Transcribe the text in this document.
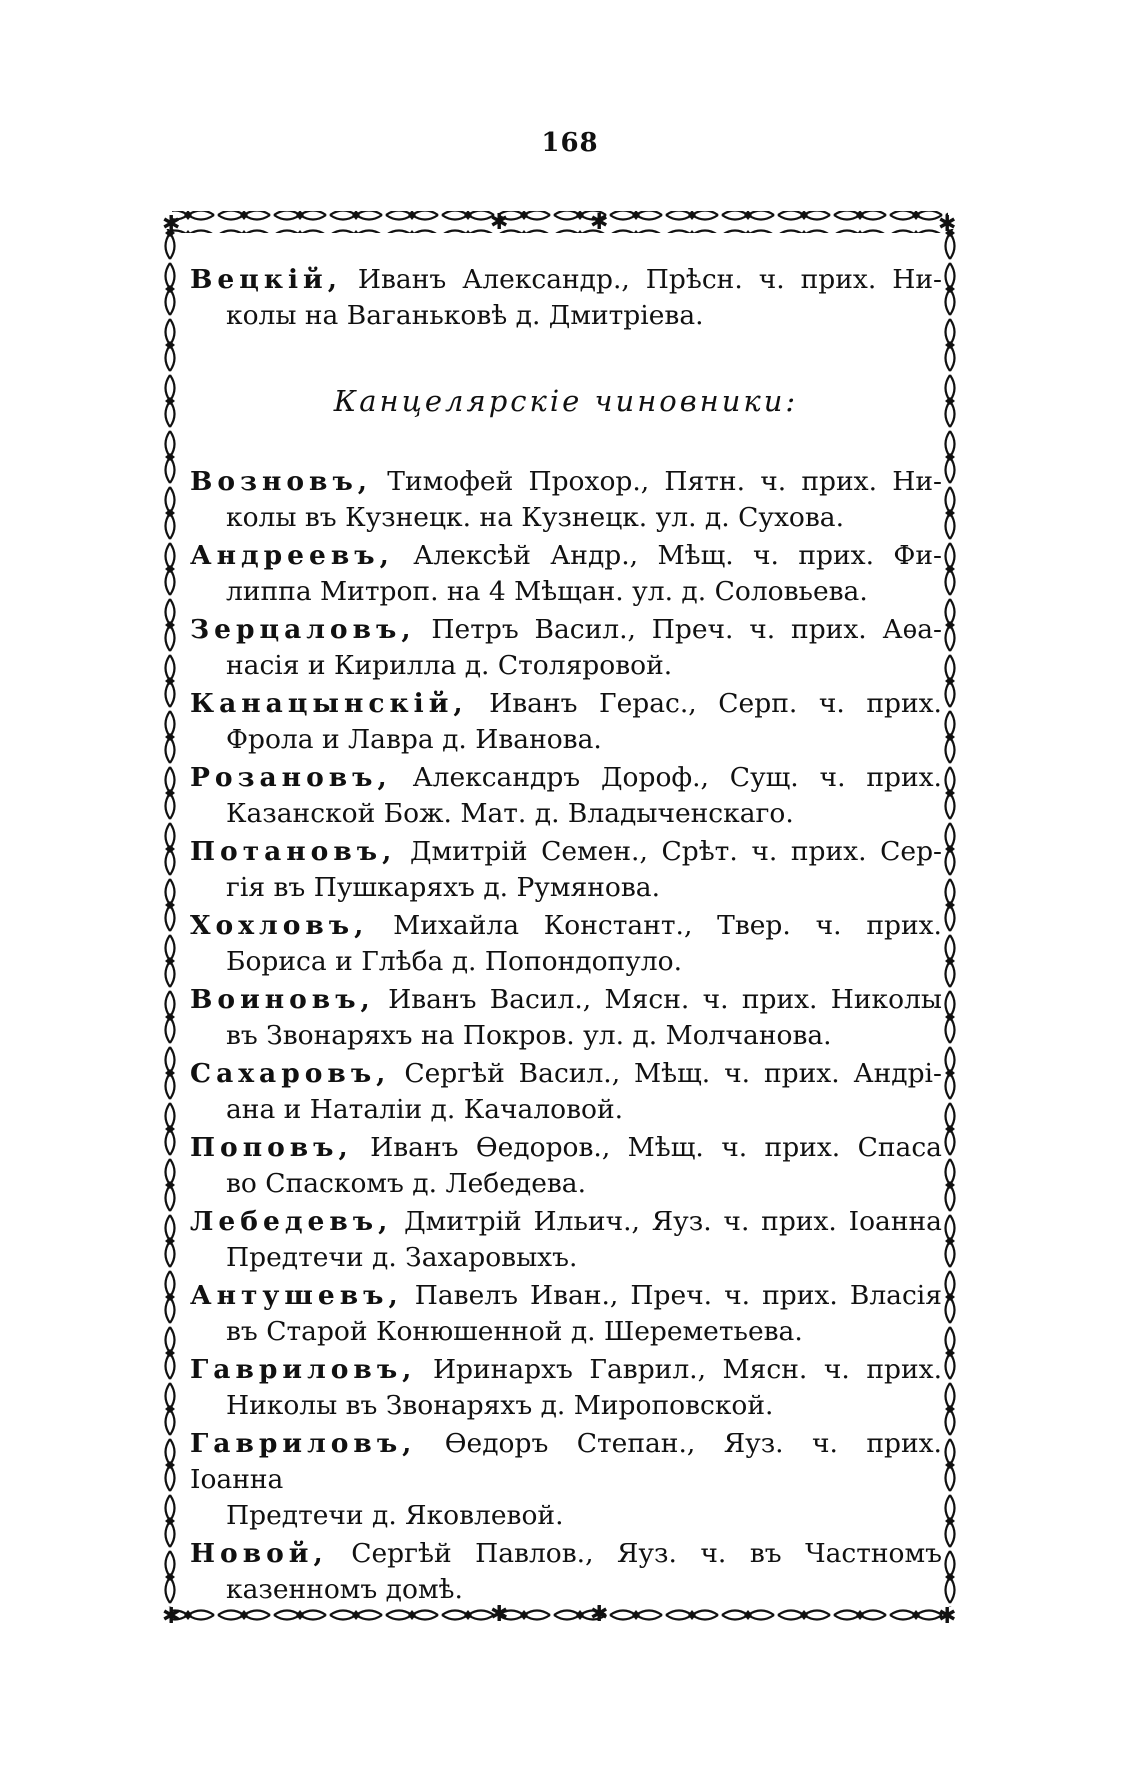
168
✱	✱
✱	✱
✱	✱
✱	✱
Вецкій, Иванъ Александр., Прѣсн. ч. прих. Ни-
колы на Ваганьковѣ д. Дмитріева.
Канцелярскіе чиновники:
Возновъ, Тимофей Прохор., Пятн. ч. прих. Ни-
колы въ Кузнецк. на Кузнецк. ул. д. Сухова.
Андреевъ, Алексѣй Андр., Мѣщ. ч. прих. Фи-
липпа Митроп. на 4 Мѣщан. ул. д. Соловьева.
Зерцаловъ, Петръ Васил., Преч. ч. прих. Аѳа-
насія и Кирилла д. Столяровой.
Канацынскій, Иванъ Герас., Серп. ч. прих.
Фрола и Лавра д. Иванова.
Розановъ, Александръ Дороф., Сущ. ч. прих.
Казанской Бож. Мат. д. Владыченскаго.
Потановъ, Дмитрій Семен., Срѣт. ч. прих. Сер-
гія въ Пушкаряхъ д. Румянова.
Хохловъ, Михайла Констант., Твер. ч. прих.
Бориса и Глѣба д. Попондопуло.
Воиновъ, Иванъ Васил., Мясн. ч. прих. Николы
въ Звонаряхъ на Покров. ул. д. Молчанова.
Сахаровъ, Сергѣй Васил., Мѣщ. ч. прих. Андрі-
ана и Наталіи д. Качаловой.
Поповъ, Иванъ Ѳедоров., Мѣщ. ч. прих. Спаса
во Спаскомъ д. Лебедева.
Лебедевъ, Дмитрій Ильич., Яуз. ч. прих. Іоанна
Предтечи д. Захаровыхъ.
Антушевъ, Павелъ Иван., Преч. ч. прих. Власія
въ Старой Конюшенной д. Шереметьева.
Гавриловъ, Иринархъ Гаврил., Мясн. ч. прих.
Николы въ Звонаряхъ д. Мироповской.
Гавриловъ, Ѳедоръ Степан., Яуз. ч. прих. Іоанна
Предтечи д. Яковлевой.
Новой, Сергѣй Павлов., Яуз. ч. въ Частномъ
казенномъ домѣ.
